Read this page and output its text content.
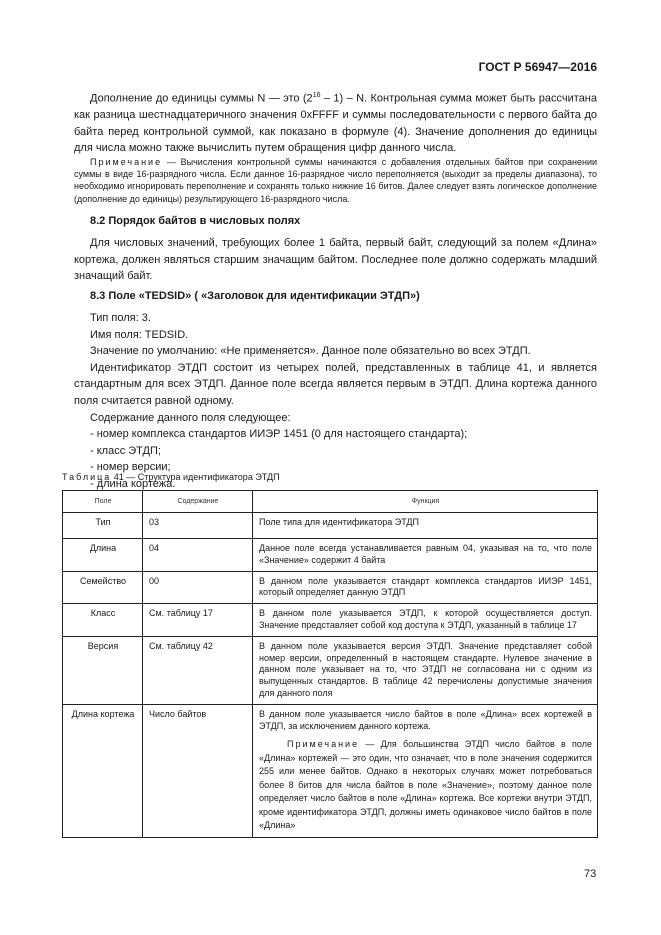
ГОСТ Р 56947—2016

Дополнение до единицы суммы N — это $(2^{16} - 1)$ – N. Контрольная сумма может быть рассчитана как разница шестнадцатеричного значения 0xFFFF и суммы последовательности с первого байта до байта перед контрольной суммой, как показано в формуле (4). Значение дополнения до единицы для числа можно также вычислить путем обращения цифр данного числа.

Примечание — Вычисления контрольной суммы начинаются с добавления отдельных байтов при сохранении суммы в виде 16-разрядного числа. Если данное 16-разрядное число переполняется (выходит за пределы диапазона), то необходимо игнорировать переполнение и сохранять только нижние 16 битов. Далее следует взять логическое дополнение (дополнение до единицы) результирующего 16-разрядного числа.

8.2 Порядок байтов в числовых полях

Для числовых значений, требующих более 1 байта, первый байт, следующий за полем «Длина» кортежа, должен являться старшим значащим байтом. Последнее поле должно содержать младший значащий байт.

8.3 Поле «TEDSID» ( «Заголовок для идентификации ЭТДП»)

Тип поля: 3.

Имя поля: TEDSID.

Значение по умолчанию: «Не применяется». Данное поле обязательно во всех ЭТДП.

Идентификатор ЭТДП состоит из четырех полей, представленных в таблице 41, и является стандартным для всех ЭТДП. Данное поле всегда является первым в ЭТДП. Длина кортежа данного поля считается равной одному.

Содержание данного поля следующее:

- номер комплекса стандартов ИИЭР 1451 (0 для настоящего стандарта);

- класс ЭТДП;

- номер версии;

- длина кортежа.

Таблица 41 — Структура идентификатора ЭТДП
Поле	Содержание	Функция
Тип	03	Поле типа для идентификатора ЭТДП
Длина	04	Данное поле всегда устанавливается равным 04, указывая на то, что поле «Значение» содержит 4 байта
Семейство	00	В данном поле указывается стандарт комплекса стандартов ИИЭР 1451, который определяет данную ЭТДП
Класс	См. таблицу 17	В данном поле указывается ЭТДП, к которой осуществляется доступ. Значение представляет собой код доступа к ЭТДП, указанный в таблице 17
Версия	См. таблицу 42	В данном поле указывается версия ЭТДП. Значение представляет собой номер версии, определенный в настоящем стандарте. Нулевое значение в данном поле указывает на то, что ЭТДП не согласована ни с одним из выпущенных стандартов. В таблице 42 перечислены допустимые значения для данного поля
Длина кортежа	Число байтов	В данном поле указывается число байтов в поле «Длина» всех кортежей в ЭТДП, за исключением данного кортежа.
Примечание — Для большинства ЭТДП число байтов в поле «Длина» кортежей — это один, что означает, что в поле значения содержится 255 или менее байтов. Однако в некоторых случаях может потребоваться более 8 битов для числа байтов в поле «Значение», поэтому данное поле определяет число байтов в поле «Длина» кортежа. Все кортежи внутри ЭТДП, кроме идентификатора ЭТДП, должны иметь одинаковое число байтов в поле «Длина»
73
